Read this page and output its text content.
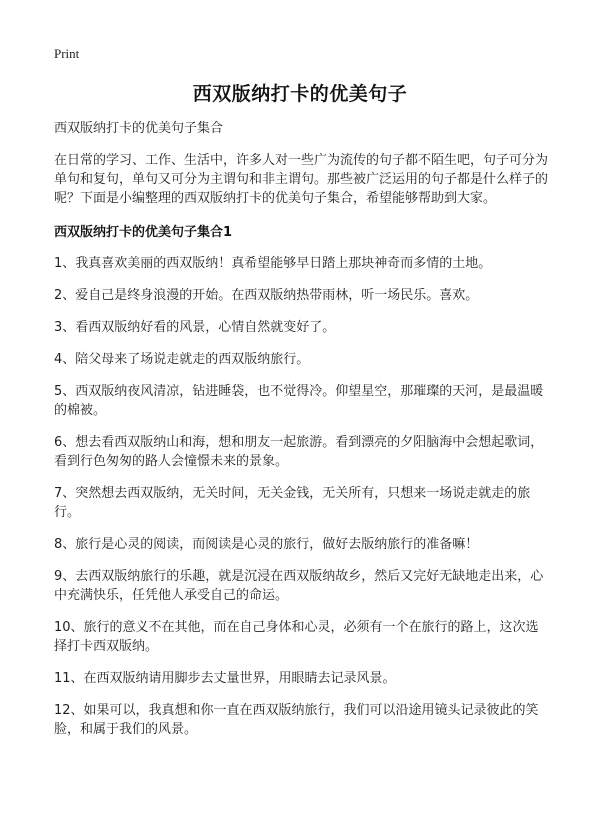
Print
西双版纳打卡的优美句子

西双版纳打卡的优美句子集合

在日常的学习、工作、生活中，许多人对一些广为流传的句子都不陌生吧，句子可分为单句和复句，单句又可分为主谓句和非主谓句。那些被广泛运用的句子都是什么样子的呢？下面是小编整理的西双版纳打卡的优美句子集合，希望能够帮助到大家。

西双版纳打卡的优美句子集合1

1、我真喜欢美丽的西双版纳！真希望能够早日踏上那块神奇而多情的土地。

2、爱自己是终身浪漫的开始。在西双版纳热带雨林，听一场民乐。喜欢。

3、看西双版纳好看的风景，心情自然就变好了。

4、陪父母来了场说走就走的西双版纳旅行。

5、西双版纳夜风清凉，钻进睡袋，也不觉得冷。仰望星空，那璀璨的天河，是最温暖的棉被。

6、想去看西双版纳山和海，想和朋友一起旅游。看到漂亮的夕阳脑海中会想起歌词，看到行色匆匆的路人会憧憬未来的景象。

7、突然想去西双版纳，无关时间，无关金钱，无关所有，只想来一场说走就走的旅行。

8、旅行是心灵的阅读，而阅读是心灵的旅行，做好去版纳旅行的准备嘛！

9、去西双版纳旅行的乐趣，就是沉浸在西双版纳故乡，然后又完好无缺地走出来，心中充满快乐，任凭他人承受自己的命运。

10、旅行的意义不在其他，而在自己身体和心灵，必须有一个在旅行的路上，这次选择打卡西双版纳。

11、在西双版纳请用脚步去丈量世界，用眼睛去记录风景。

12、如果可以，我真想和你一直在西双版纳旅行，我们可以沿途用镜头记录彼此的笑脸，和属于我们的风景。
